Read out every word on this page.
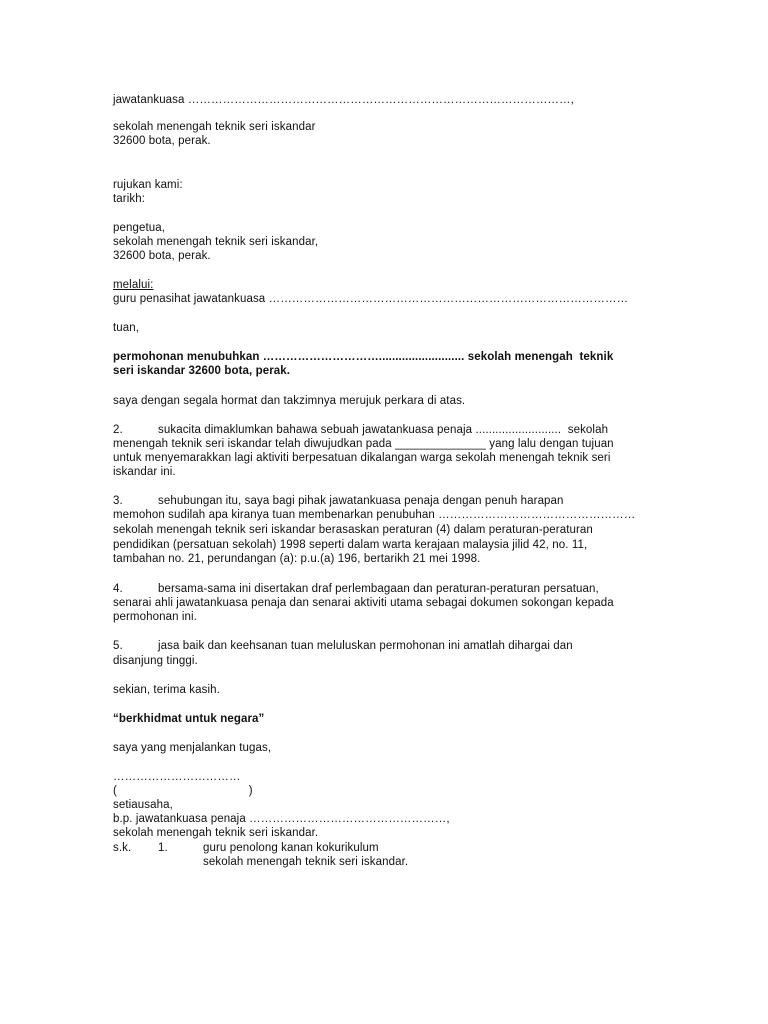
jawatankuasa ………………………………………………………………………………………,
sekolah menengah teknik seri iskandar
32600 bota, perak.
rujukan kami:
tarikh:
pengetua,
sekolah menengah teknik seri iskandar,
32600 bota, perak.
melalui:
guru penasihat jawatankuasa …………………………………………………………………………………
tuan,
permohonan menubuhkan ………………………….......................... sekolah menengah  teknik
seri iskandar 32600 bota, perak.
saya dengan segala hormat dan takzimnya merujuk perkara di atas.
2.	sukacita dimaklumkan bahawa sebuah jawatankuasa penaja ..........................  sekolah
menengah teknik seri iskandar telah diwujudkan pada ______________ yang lalu dengan tujuan
untuk menyemarakkan lagi aktiviti berpesatuan dikalangan warga sekolah menengah teknik seri
iskandar ini.
3.	sehubungan itu, saya bagi pihak jawatankuasa penaja dengan penuh harapan
memohon sudilah apa kiranya tuan membenarkan penubuhan ……………………………………………
sekolah menengah teknik seri iskandar berasaskan peraturan (4) dalam peraturan-peraturan
pendidikan (persatuan sekolah) 1998 seperti dalam warta kerajaan malaysia jilid 42, no. 11,
tambahan no. 21, perundangan (a): p.u.(a) 196, bertarikh 21 mei 1998.
4.	bersama-sama ini disertakan draf perlembagaan dan peraturan-peraturan persatuan,
senarai ahli jawatankuasa penaja dan senarai aktiviti utama sebagai dokumen sokongan kepada
permohonan ini.
5.	jasa baik dan keehsanan tuan meluluskan permohonan ini amatlah dihargai dan
disanjung tinggi.
sekian, terima kasih.
“berkhidmat untuk negara”
saya yang menjalankan tugas,
……………………………
(                                        )
setiausaha,
b.p. jawatankuasa penaja ……………………………………………,
sekolah menengah teknik seri iskandar.
s.k. 1.	guru penolong kanan kokurikulum
sekolah menengah teknik seri iskandar.
